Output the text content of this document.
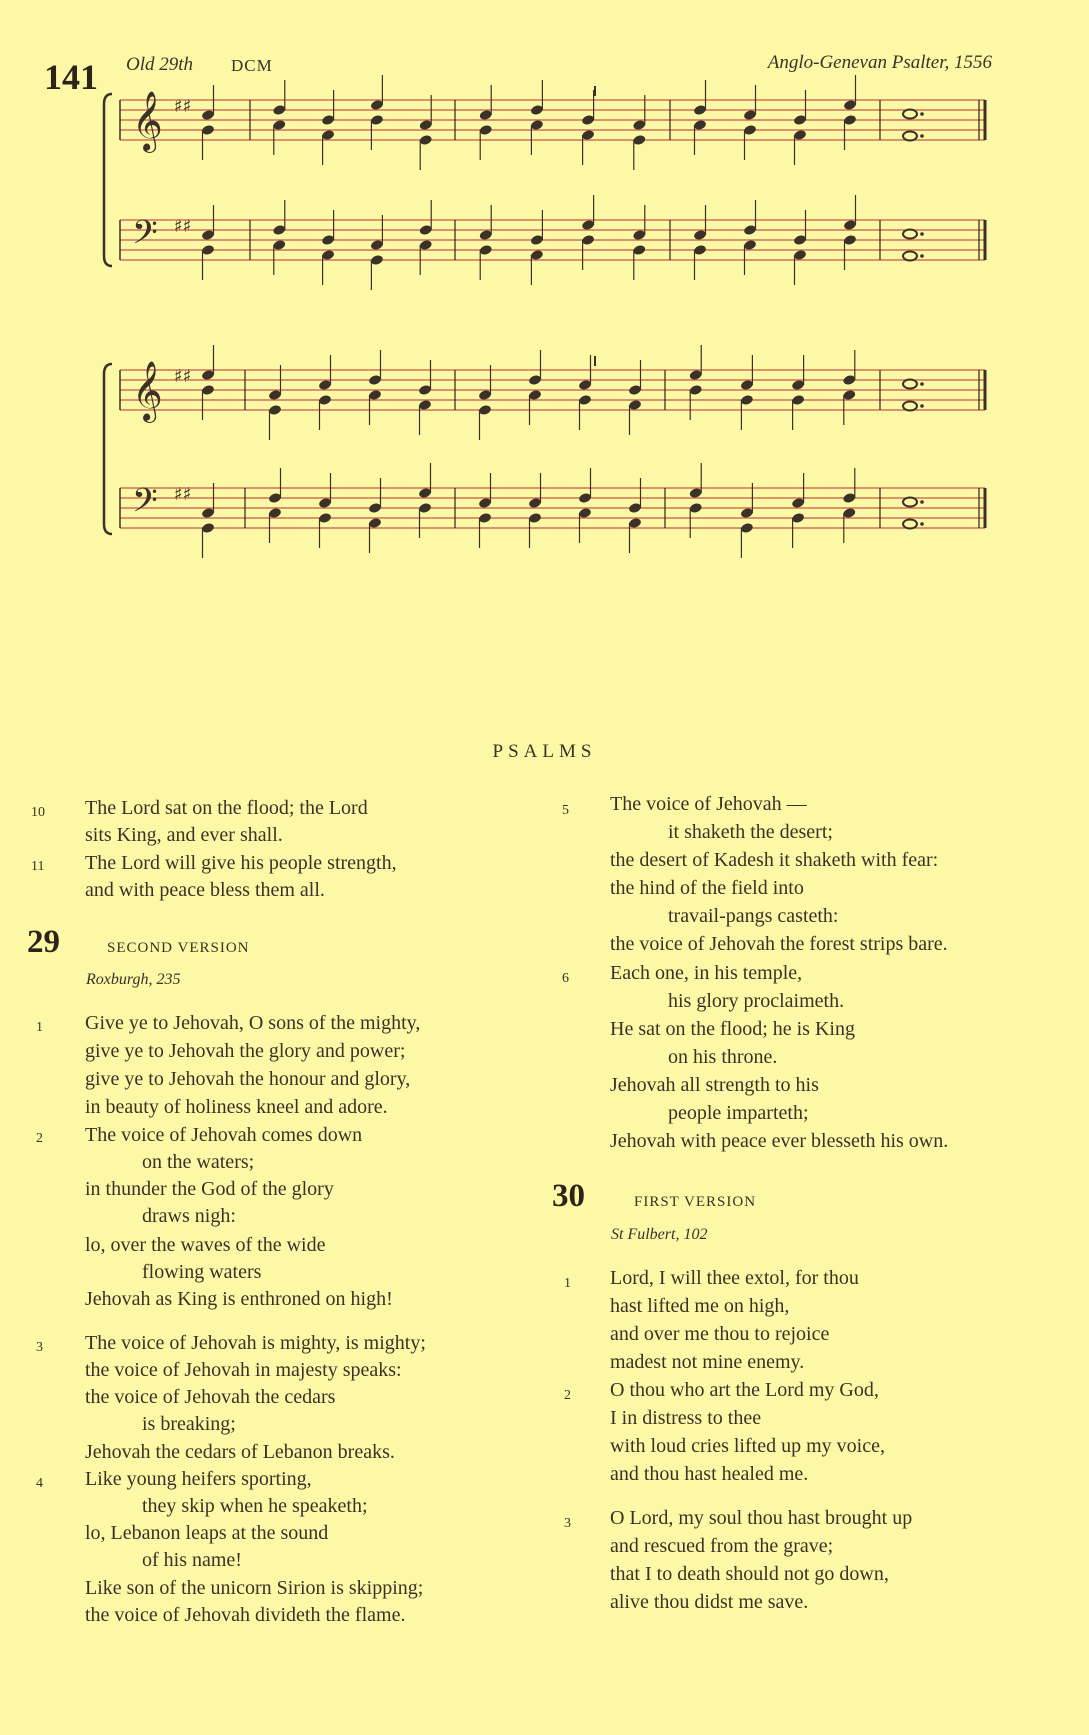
141 Old 29th DCM	Anglo-Genevan Psalter, 1556
𝄞 ♯♯
𝄢 ♯♯
𝄞 ♯♯
𝄢 ♯♯
PSALMS
10 The Lord sat on the flood; the Lord
sits King, and ever shall.
11 The Lord will give his people strength,
and with peace bless them all.
29	SECOND VERSION
Roxburgh, 235
1 Give ye to Jehovah, O sons of the mighty,
give ye to Jehovah the glory and power;
give ye to Jehovah the honour and glory,
in beauty of holiness kneel and adore.
2 The voice of Jehovah comes down
on the waters;
in thunder the God of the glory
draws nigh:
lo, over the waves of the wide
flowing waters
Jehovah as King is enthroned on high!
3 The voice of Jehovah is mighty, is mighty;
the voice of Jehovah in majesty speaks:
the voice of Jehovah the cedars
is breaking;
Jehovah the cedars of Lebanon breaks.
4 Like young heifers sporting,
they skip when he speaketh;
lo, Lebanon leaps at the sound
of his name!
Like son of the unicorn Sirion is skipping;
the voice of Jehovah divideth the flame.
5 The voice of Jehovah —
it shaketh the desert;
the desert of Kadesh it shaketh with fear:
the hind of the field into
travail-pangs casteth:
the voice of Jehovah the forest strips bare.
6 Each one, in his temple,
his glory proclaimeth.
He sat on the flood; he is King
on his throne.
Jehovah all strength to his
people imparteth;
Jehovah with peace ever blesseth his own.
30	FIRST VERSION
St Fulbert, 102
1 Lord, I will thee extol, for thou
hast lifted me on high,
and over me thou to rejoice
madest not mine enemy.
2 O thou who art the Lord my God,
I in distress to thee
with loud cries lifted up my voice,
and thou hast healed me.
3 O Lord, my soul thou hast brought up
and rescued from the grave;
that I to death should not go down,
alive thou didst me save.
